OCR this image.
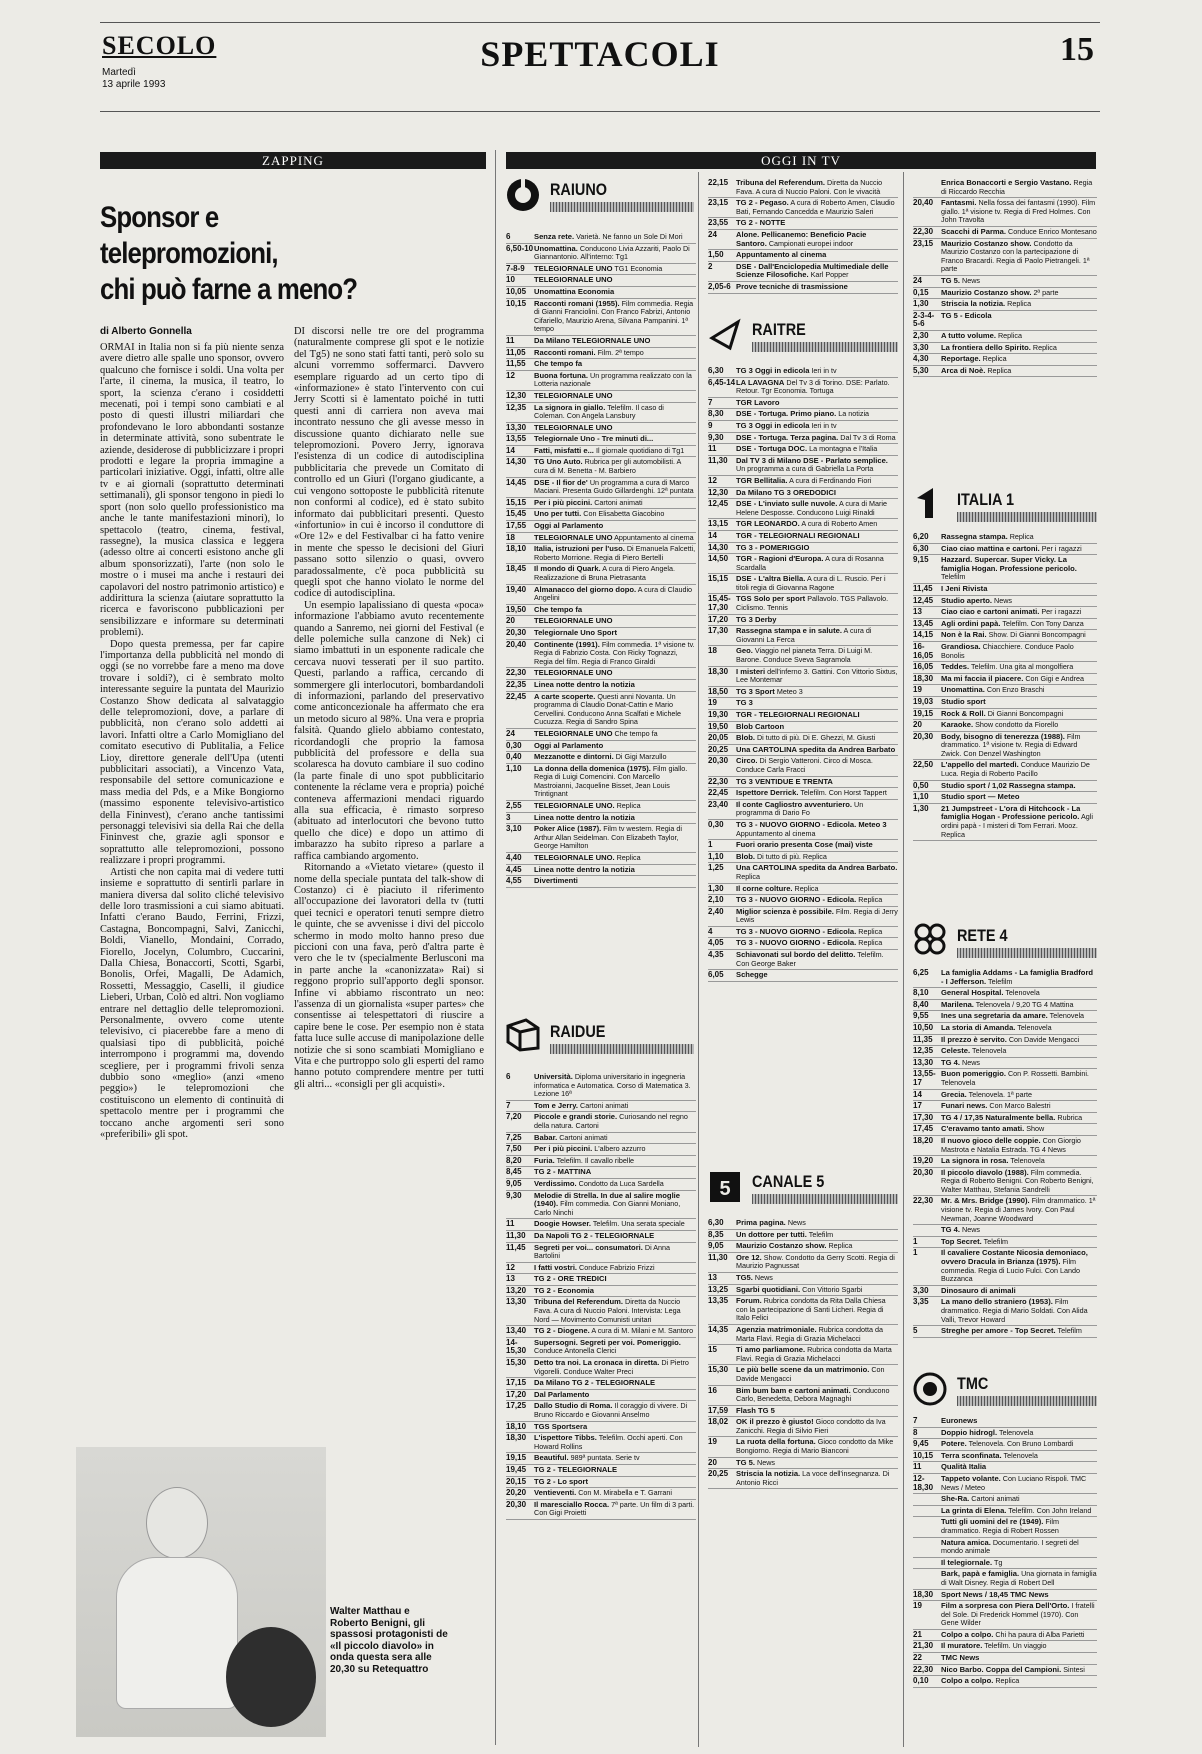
SECOLO
Martedì
13 aprile 1993
SPETTACOLI	15
ZAPPING	OGGI IN TV
Sponsor e telepromozioni,
chi può farne a meno?
di Alberto Gonnella

ORMAI in Italia non si fa più niente senza avere dietro alle spalle uno sponsor, ovvero qualcuno che fornisce i soldi. Una volta per l'arte, il cinema, la musica, il teatro, lo sport, la scienza c'erano i cosiddetti mecenati, poi i tempi sono cambiati e al posto di questi illustri miliardari che profondevano le loro abbondanti sostanze in determinate attività, sono subentrate le aziende, desiderose di pubblicizzare i propri prodotti e legare la propria immagine a particolari iniziative. Oggi, infatti, oltre alle tv e ai giornali (soprattutto determinati settimanali), gli sponsor tengono in piedi lo sport (non solo quello professionistico ma anche le tante manifestazioni minori), lo spettacolo (teatro, cinema, festival, rassegne), la musica classica e leggera (adesso oltre ai concerti esistono anche gli album sponsorizzati), l'arte (non solo le mostre o i musei ma anche i restauri dei capolavori del nostro patrimonio artistico) e addirittura la scienza (aiutare soprattutto la ricerca e favoriscono pubblicazioni per sensibilizzare e informare su determinati problemi).

Dopo questa premessa, per far capire l'importanza della pubblicità nel mondo di oggi (se no vorrebbe fare a meno ma dove trovare i soldi?), ci è sembrato molto interessante seguire la puntata del Maurizio Costanzo Show dedicata al salvataggio delle telepromozioni, dove, a parlare di pubblicità, non c'erano solo addetti ai lavori. Infatti oltre a Carlo Momigliano del comitato esecutivo di Publitalia, a Felice Lioy, direttore generale dell'Upa (utenti pubblicitari associati), a Vincenzo Vata, responsabile del settore comunicazione e mass media del Pds, e a Mike Bongiorno (massimo esponente televisivo-artistico della Fininvest), c'erano anche tantissimi personaggi televisivi sia della Rai che della Fininvest che, grazie agli sponsor e soprattutto alle telepromozioni, possono realizzare i propri programmi.

Artisti che non capita mai di vedere tutti insieme e soprattutto di sentirli parlare in maniera diversa dal solito cliché televisivo delle loro trasmissioni a cui siamo abituati. Infatti c'erano Baudo, Ferrini, Frizzi, Castagna, Boncompagni, Salvi, Zanicchi, Boldi, Vianello, Mondaini, Corrado, Fiorello, Jocelyn, Columbro, Cuccarini, Dalla Chiesa, Bonaccorti, Scotti, Sgarbi, Bonolis, Orfei, Magalli, De Adamich, Rossetti, Messaggio, Caselli, il giudice Lieberi, Urban, Colò ed altri. Non vogliamo entrare nel dettaglio delle telepromozioni. Personalmente, ovvero come utente televisivo, ci piacerebbe fare a meno di qualsiasi tipo di pubblicità, poiché interrompono i programmi ma, dovendo scegliere, per i programmi frivoli senza dubbio sono «meglio» (anzi «meno peggio») le telepromozioni che costituiscono un elemento di continuità di spettacolo mentre per i programmi che toccano anche argomenti seri sono «preferibili» gli spot.

DI discorsi nelle tre ore del programma (naturalmente comprese gli spot e le notizie del Tg5) ne sono stati fatti tanti, però solo su alcuni vorremmo soffermarci. Davvero esemplare riguardo ad un certo tipo di «informazione» è stato l'intervento con cui Jerry Scotti si è lamentato poiché in tutti questi anni di carriera non aveva mai incontrato nessuno che gli avesse messo in discussione quanto dichiarato nelle sue telepromozioni. Povero Jerry, ignorava l'esistenza di un codice di autodisciplina pubblicitaria che prevede un Comitato di controllo ed un Giurì (l'organo giudicante, a cui vengono sottoposte le pubblicità ritenute non conformi al codice), ed è stato subito informato dai pubblicitari presenti. Questo «infortunio» in cui è incorso il conduttore di «Ore 12» e del Festivalbar ci ha fatto venire in mente che spesso le decisioni del Giurì passano sotto silenzio o quasi, ovvero paradossalmente, c'è poca pubblicità su quegli spot che hanno violato le norme del codice di autodisciplina.

Un esempio lapalissiano di questa «poca» informazione l'abbiamo avuto recentemente quando a Sanremo, nei giorni del Festival (e delle polemiche sulla canzone di Nek) ci siamo imbattuti in un esponente radicale che cercava nuovi tesserati per il suo partito. Questi, parlando a raffica, cercando di sommergere gli interlocutori, bombardandoli di informazioni, parlando del preservativo come anticoncezionale ha affermato che era un metodo sicuro al 98%. Una vera e propria falsità. Quando glielo abbiamo contestato, ricordandogli che proprio la famosa pubblicità del professore e della sua scolaresca ha dovuto cambiare il suo codino (la parte finale di uno spot pubblicitario contenente la réclame vera e propria) poiché conteneva affermazioni mendaci riguardo alla sua efficacia, è rimasto sorpreso (abituato ad interlocutori che bevono tutto quello che dice) e dopo un attimo di imbarazzo ha subito ripreso a parlare a raffica cambiando argomento.

Ritornando a «Vietato vietare» (questo il nome della speciale puntata del talk-show di Costanzo) ci è piaciuto il riferimento all'occupazione dei lavoratori della tv (tutti quei tecnici e operatori tenuti sempre dietro le quinte, che se avvenisse i divi del piccolo schermo in modo molto hanno preso due piccioni con una fava, però d'altra parte è vero che le tv (specialmente Berlusconi ma in parte anche la «canonizzata» Rai) si reggono proprio sull'apporto degli sponsor. Infine vi abbiamo riscontrato un neo: l'assenza di un giornalista «super partes» che consentisse ai telespettatori di riuscire a capire bene le cose. Per esempio non è stata fatta luce sulle accuse di manipolazione delle notizie che si sono scambiati Momigliano e Vita e che purtroppo solo gli esperti del ramo hanno potuto comprendere mentre per tutti gli altri... «consigli per gli acquisti».

Walter Matthau e Roberto Benigni, gli spassosi protagonisti de «Il piccolo diavolo» in onda questa sera alle 20,30 su Retequattro
RAIUNO
6	Senza rete. Varietà. Ne fanno un Sole Di Mori
6,50-10 Unomattina. Conducono Livia Azzariti, Paolo Di Giannantonio. All'interno: Tg1
7-8-9	TELEGIORNALE UNO TG1 Economia
10	TELEGIORNALE UNO
10,05	Unomattina Economia
10,15	Racconti romani (1955). Film commedia. Regia di Gianni Franciolini. Con Franco Fabrizi, Antonio Cifariello, Maurizio Arena, Silvana Pampanini. 1ª tempo
11	Da Milano TELEGIORNALE UNO
11,05	Racconti romani. Film. 2ª tempo
11,55	Che tempo fa
12	Buona fortuna. Un programma realizzato con la Lotteria nazionale
12,30	TELEGIORNALE UNO
12,35	La signora in giallo. Telefilm. Il caso di Coleman. Con Angela Lansbury
13,30	TELEGIORNALE UNO
13,55	Telegiornale Uno - Tre minuti di...
14	Fatti, misfatti e... Il giornale quotidiano di Tg1
14,30	TG Uno Auto. Rubrica per gli automobilisti. A cura di M. Benetta - M. Barbiero
14,45	DSE - Il fior de' Un programma a cura di Marco Maciani. Presenta Guido Gillardenghi. 12ª puntata
15,15	Per i più piccini. Cartoni animati
15,45	Uno per tutti. Con Elisabetta Giacobino
17,55	Oggi al Parlamento
18	TELEGIORNALE UNO Appuntamento al cinema
18,10	Italia, istruzioni per l'uso. Di Emanuela Falcetti, Roberto Morrione. Regia di Piero Bertelli
18,45	Il mondo di Quark. A cura di Piero Angela. Realizzazione di Bruna Pietrasanta
19,40	Almanacco del giorno dopo. A cura di Claudio Angelini
19,50	Che tempo fa
20	TELEGIORNALE UNO
20,30	Telegiornale Uno Sport
20,40	Continente (1991). Film commedia. 1ª visione tv. Regia di Fabrizio Costa. Con Ricky Tognazzi, Regia del film. Regia di Franco Giraldi
22,30	TELEGIORNALE UNO
22,35	Linea notte dentro la notizia
22,45	A carte scoperte. Questi anni Novanta. Un programma di Claudio Donat-Cattin e Mario Cervellini. Conducono Anna Scalfati e Michele Cucuzza. Regia di Sandro Spina
24	TELEGIORNALE UNO Che tempo fa
0,30	Oggi al Parlamento
0,40	Mezzanotte e dintorni. Di Gigi Marzullo
1,10	La donna della domenica (1975). Film giallo. Regia di Luigi Comencini. Con Marcello Mastroianni, Jacqueline Bisset, Jean Louis Trintignant
2,55	TELEGIORNALE UNO. Replica
3	Linea notte dentro la notizia
3,10	Poker Alice (1987). Film tv western. Regia di Arthur Allan Seidelman. Con Elizabeth Taylor, George Hamilton
4,40	TELEGIORNALE UNO. Replica
4,45	Linea notte dentro la notizia
4,55	Divertimenti
RAIDUE
6	Università. Diploma universitario in ingegneria informatica e Automatica. Corso di Matematica 3. Lezione 16ª
7	Tom e Jerry. Cartoni animati
7,20	Piccole e grandi storie. Curiosando nel regno della natura. Cartoni
7,25	Babar. Cartoni animati
7,50	Per i più piccini. L'albero azzurro
8,20	Furia. Telefilm. Il cavallo ribelle
8,45	TG 2 - MATTINA
9,05	Verdissimo. Condotto da Luca Sardella
9,30	Melodie di Strella. In due al salire moglie (1940). Film commedia. Con Gianni Moniano, Carlo Ninchi
11	Doogie Howser. Telefilm. Una serata speciale
11,30	Da Napoli TG 2 - TELEGIORNALE
11,45	Segreti per voi... consumatori. Di Anna Bartolini
12	I fatti vostri. Conduce Fabrizio Frizzi
13	TG 2 - ORE TREDICI
13,20	TG 2 - Economia
13,30	Tribuna del Referendum. Diretta da Nuccio Fava. A cura di Nuccio Paloni. Intervista: Lega Nord — Movimento Comunisti unitari
13,40	TG 2 - Diogene. A cura di M. Milani e M. Santoro
14-15,30
Supersogni. Segreti per voi. Pomeriggio. Conduce Antonella Clerici
15,30	Detto tra noi. La cronaca in diretta. Di Pietro Vigorelli. Conduce Walter Preci
17,15	Da Milano TG 2 - TELEGIORNALE
17,20	Dal Parlamento
17,25	Dallo Studio di Roma. Il coraggio di vivere. Di Bruno Riccardo e Giovanni Anselmo
18,10	TGS Sportsera
18,30	L'ispettore Tibbs. Telefilm. Occhi aperti. Con Howard Rollins
19,15	Beautiful. 989ª puntata. Serie tv
19,45	TG 2 - TELEGIORNALE
20,15	TG 2 - Lo sport
20,20	Ventieventi. Con M. Mirabella e T. Garrani
20,30	Il maresciallo Rocca. 7ª parte. Un film di 3 parti. Con Gigi Proietti
22,15	Tribuna del Referendum. Diretta da Nuccio Fava. A cura di Nuccio Paloni. Con le vivacità
23,15	TG 2 - Pegaso. A cura di Roberto Amen, Claudio Bati, Fernando Cancedda e Maurizio Saleri
23,55	TG 2 - NOTTE
24	Alone. Pellicanemo: Beneficio Pacie Santoro. Campionati europei indoor
1,50	Appuntamento al cinema
2	DSE - Dall'Enciclopedia Multimediale delle Scienze Filosofiche. Karl Popper
2,05-6 Prove tecniche di trasmissione
RAITRE
6,30	TG 3 Oggi in edicola Ieri in tv
6,45-14 LA LAVAGNA Del Tv 3 di Torino. DSE: Parlato. Retour. Tgr Economia. Tortuga
7	TGR Lavoro
8,30	DSE - Tortuga. Primo piano. La notizia
9	TG 3 Oggi in edicola Ieri in tv
9,30	DSE - Tortuga. Terza pagina. Dal Tv 3 di Roma
11	DSE - Tortuga DOC. La montagna e l'Italia
11,30	Dal TV 3 di Milano DSE - Parlato semplice. Un programma a cura di Gabriella La Porta
12	TGR Bellitalia. A cura di Ferdinando Fiori
12,30	Da Milano TG 3 OREDODICI
12,45	DSE - L'inviato sulle nuvole. A cura di Marie Helene Desposse. Conducono Luigi Rinaldi
13,15	TGR LEONARDO. A cura di Roberto Amen
14	TGR - TELEGIORNALI REGIONALI
14,30	TG 3 - POMERIGGIO
14,50	TGR - Ragioni d'Europa. A cura di Rosanna Scardalla
15,15	DSE - L'altra Biella. A cura di L. Ruscio. Per i titoli regia di Giovanna Ragone
15,45-17,30
TGS Solo per sport Pallavolo. TGS Pallavolo. Ciclismo. Tennis
17,20	TG 3 Derby
17,30	Rassegna stampa e in salute. A cura di Giovanni La Ferca
18	Geo. Viaggio nel pianeta Terra. Di Luigi M. Barone. Conduce Sveva Sagramola
18,30	I misteri dell'inferno 3. Gattini. Con Vittorio Sixtus, Lee Montemar
18,50	TG 3 Sport Meteo 3
19	TG 3
19,30	TGR - TELEGIORNALI REGIONALI
19,50	Blob Cartoon
20,05	Blob. Di tutto di più. Di E. Ghezzi, M. Giusti
20,25	Una CARTOLINA spedita da Andrea Barbato
20,30	Circo. Di Sergio Vatteroni. Circo di Mosca. Conduce Carla Fracci
22,30	TG 3 VENTIDUE E TRENTA
22,45	Ispettore Derrick. Telefilm. Con Horst Tappert
23,40	Il conte Cagliostro avventuriero. Un programma di Dario Fo
0,30	TG 3 - NUOVO GIORNO - Edicola. Meteo 3 Appuntamento al cinema
1	Fuori orario presenta Cose (mai) viste
1,10	Blob. Di tutto di più. Replica
1,25	Una CARTOLINA spedita da Andrea Barbato. Replica
1,30	Il corne colture. Replica
2,10	TG 3 - NUOVO GIORNO - Edicola. Replica
2,40	Miglior scienza è possibile. Film. Regia di Jerry Lewis
4	TG 3 - NUOVO GIORNO - Edicola. Replica
4,05	TG 3 - NUOVO GIORNO - Edicola. Replica
4,35	Schiavonati sul bordo del delitto. Telefilm. Con George Baker
6,05	Schegge
5 CANALE 5
6,30	Prima pagina. News
8,35	Un dottore per tutti. Telefilm
9,05	Maurizio Costanzo show. Replica
11,30	Ore 12. Show. Condotto da Gerry Scotti. Regia di Maurizio Pagnussat
13	TG5. News
13,25	Sgarbi quotidiani. Con Vittorio Sgarbi
13,35	Forum. Rubrica condotta da Rita Dalla Chiesa con la partecipazione di Santi Licheri. Regia di Italo Felici
14,35	Agenzia matrimoniale. Rubrica condotta da Marta Flavi. Regia di Grazia Michelacci
15	Ti amo parliamone. Rubrica condotta da Marta Flavi. Regia di Grazia Michelacci
15,30	Le più belle scene da un matrimonio. Con Davide Mengacci
16	Bim bum bam e cartoni animati. Conducono Carlo, Benedetta, Debora Magnaghi
17,59	Flash TG 5
18,02	OK il prezzo è giusto! Gioco condotto da Iva Zanicchi. Regia di Silvio Fieri
19	La ruota della fortuna. Gioco condotto da Mike Bongiorno. Regia di Mario Bianconi
20	TG 5. News
20,25	Striscia la notizia. La voce dell'insegnanza. Di Antonio Ricci
Enrica Bonaccorti e Sergio Vastano. Regia di Riccardo Recchia
20,40	Fantasmi. Nella fossa dei fantasmi (1990). Film giallo. 1ª visione tv. Regia di Fred Holmes. Con John Travolta
22,30	Scacchi di Parma. Conduce Enrico Montesano
23,15	Maurizio Costanzo show. Condotto da Maurizio Costanzo con la partecipazione di Franco Bracardi. Regia di Paolo Pietrangeli. 1ª parte
24	TG 5. News
0,15	Maurizio Costanzo show. 2ª parte
1,30	Striscia la notizia. Replica
2-3-4-5-6
TG 5 - Edicola
2,30	A tutto volume. Replica
3,30	La frontiera dello Spirito. Replica
4,30	Reportage. Replica
5,30	Arca di Noè. Replica
ITALIA 1
6,20	Rassegna stampa. Replica
6,30	Ciao ciao mattina e cartoni. Per i ragazzi
9,15	Hazzard. Supercar. Super Vicky. La famiglia Hogan. Professione pericolo. Telefilm
11,45	I Jeni Rivista
12,45	Studio aperto. News
13	Ciao ciao e cartoni animati. Per i ragazzi
13,45	Agli ordini papà. Telefilm. Con Tony Danza
14,15	Non è la Rai. Show. Di Gianni Boncompagni
16-16,05
Grandiosa. Chiacchiere. Conduce Paolo Bonolis
16,05	Teddes. Telefilm. Una gita al mongolfiera
18,30	Ma mi faccia il piacere. Con Gigi e Andrea
19	Unomattina. Con Enzo Braschi
19,03	Studio sport
19,15	Rock & Roll. Di Gianni Boncompagni
20	Karaoke. Show condotto da Fiorello
20,30	Body, bisogno di tenerezza (1988). Film drammatico. 1ª visione tv. Regia di Edward Zwick. Con Denzel Washington
22,50	L'appello del martedì. Conduce Maurizio De Luca. Regia di Roberto Pacillo
0,50	Studio sport / 1,02 Rassegna stampa.
1,10	Studio sport — Meteo
1,30	21 Jumpstreet - L'ora di Hitchcock - La famiglia Hogan - Professione pericolo. Agli ordini papà - I misteri di Tom Ferrari. Mooz. Replica
RETE 4
6,25	La famiglia Addams - La famiglia Bradford - I Jefferson. Telefilm
8,10	General Hospital. Telenovela
8,40	Marilena. Telenovela / 9,20 TG 4 Mattina
9,55	Ines una segretaria da amare. Telenovela
10,50	La storia di Amanda. Telenovela
11,35	Il prezzo è servito. Con Davide Mengacci
12,35	Celeste. Telenovela
13,30	TG 4. News
13,55-17
Buon pomeriggio. Con P. Rossetti. Bambini. Telenovela
14	Grecia. Telenovela. 1ª parte
17	Funari news. Con Marco Balestri
17,30	TG 4 / 17,35 Naturalmente bella. Rubrica
17,45	C'eravamo tanto amati. Show
18,20	Il nuovo gioco delle coppie. Con Giorgio Mastrota e Natalia Estrada. TG 4 News
19,20	La signora in rosa. Telenovela
20,30	Il piccolo diavolo (1988). Film commedia. Regia di Roberto Benigni. Con Roberto Benigni, Walter Matthau, Stefania Sandrelli
22,30	Mr. & Mrs. Bridge (1990). Film drammatico. 1ª visione tv. Regia di James Ivory. Con Paul Newman, Joanne Woodward
TG 4. News
1	Top Secret. Telefilm
1	Il cavaliere Costante Nicosia demoniaco, ovvero Dracula in Brianza (1975). Film commedia. Regia di Lucio Fulci. Con Lando Buzzanca
3,30	Dinosauro di animali
3,35	La mano dello straniero (1953). Film drammatico. Regia di Mario Soldati. Con Alida Valli, Trevor Howard
5	Streghe per amore - Top Secret. Telefilm
TMC
7	Euronews
8	Doppio hidrogl. Telenovela
9,45	Potere. Telenovela. Con Bruno Lombardi
10,15	Terra sconfinata. Telenovela
11	Qualità Italia
12-18,30
Tappeto volante. Con Luciano Rispoli. TMC News / Meteo
She-Ra. Cartoni animati
La grinta di Elena. Telefilm. Con John Ireland
Tutti gli uomini del re (1949). Film drammatico. Regia di Robert Rossen
Natura amica. Documentario. I segreti del mondo animale
Il telegiornale. Tg
Bark, papà e famiglia. Una giornata in famiglia di Walt Disney. Regia di Robert Dell
18,30	Sport News / 18,45 TMC News
19	Film a sorpresa con Piera Dell'Orto. I fratelli del Sole. Di Frederick Hommel (1970). Con Gene Wilder
21	Colpo a colpo. Chi ha paura di Alba Parietti
21,30	Il muratore. Telefilm. Un viaggio
22	TMC News
22,30	Nico Barbo. Coppa del Campioni. Sintesi
0,10	Colpo a colpo. Replica
